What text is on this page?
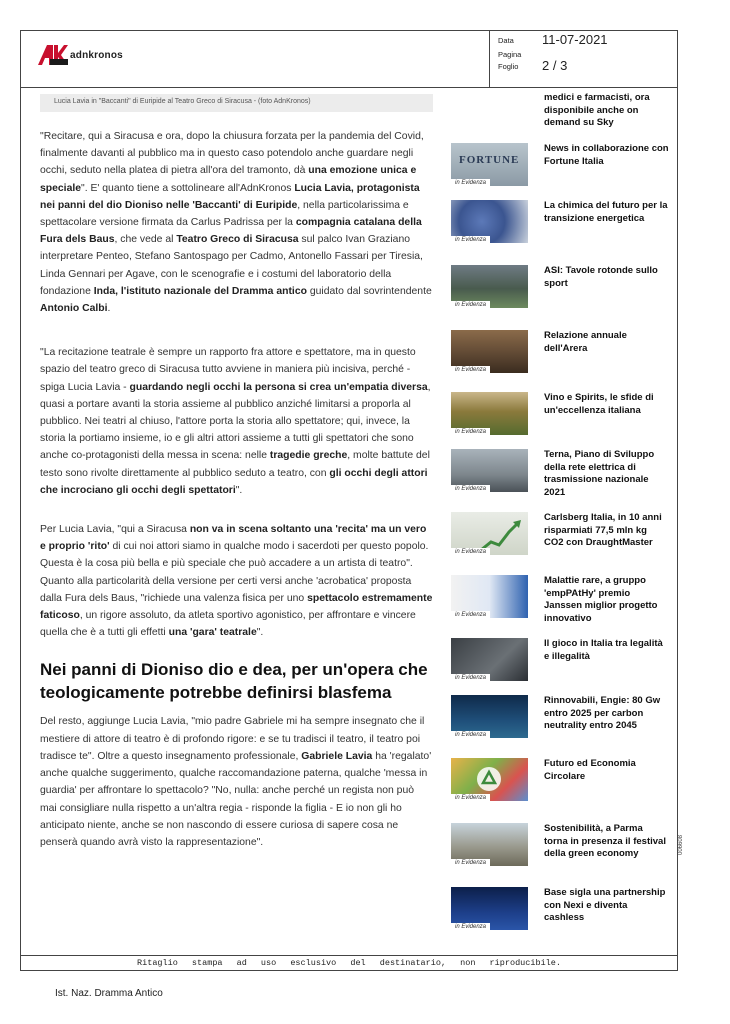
adnkronos
Data 11-07-2021
Pagina
Foglio 2 / 3
Lucia Lavia in "Baccanti" di Euripide al Teatro Greco di Siracusa - (foto AdnKronos)

"Recitare, qui a Siracusa e ora, dopo la chiusura forzata per la pandemia del Covid, finalmente davanti al pubblico ma in questo caso potendolo anche guardare negli occhi, seduto nella platea di pietra all'ora del tramonto, dà una emozione unica e speciale". E' quanto tiene a sottolineare all'AdnKronos Lucia Lavia, protagonista nei panni del dio Dioniso nelle 'Baccanti' di Euripide, nella particolarissima e spettacolare versione firmata da Carlus Padrissa per la compagnia catalana della Fura dels Baus, che vede al Teatro Greco di Siracusa sul palco Ivan Graziano interpretare Penteo, Stefano Santospago per Cadmo, Antonello Fassari per Tiresia, Linda Gennari per Agave, con le scenografie e i costumi del laboratorio della fondazione Inda, l'istituto nazionale del Dramma antico guidato dal sovrintendente Antonio Calbi.

"La recitazione teatrale è sempre un rapporto fra attore e spettatore, ma in questo spazio del teatro greco di Siracusa tutto avviene in maniera più incisiva, perché - spiga Lucia Lavia - guardando negli occhi la persona si crea un'empatia diversa, quasi a portare avanti la storia assieme al pubblico anziché limitarsi a proporla al pubblico. Nei teatri al chiuso, l'attore porta la storia allo spettatore; qui, invece, la storia la portiamo insieme, io e gli altri attori assieme a tutti gli spettatori che sono anche co-protagonisti della messa in scena: nelle tragedie greche, molte battute del testo sono rivolte direttamente al pubblico seduto a teatro, con gli occhi degli attori che incrociano gli occhi degli spettatori".

Per Lucia Lavia, "qui a Siracusa non va in scena soltanto una 'recita' ma un vero e proprio 'rito' di cui noi attori siamo in qualche modo i sacerdoti per questo popolo. Questa è la cosa più bella e più speciale che può accadere a un artista di teatro". Quanto alla particolarità della versione per certi versi anche 'acrobatica' proposta dalla Fura dels Baus, "richiede una valenza fisica per uno spettacolo estremamente faticoso, un rigore assoluto, da atleta sportivo agonistico, per affrontare e vincere quella che è a tutti gli effetti una 'gara' teatrale".

Nei panni di Dioniso dio e dea, per un'opera che teologicamente potrebbe definirsi blasfema

Del resto, aggiunge Lucia Lavia, "mio padre Gabriele mi ha sempre insegnato che il mestiere di attore di teatro è di profondo rigore: e se tu tradisci il teatro, il teatro poi tradisce te". Oltre a questo insegnamento professionale, Gabriele Lavia ha 'regalato' anche qualche suggerimento, qualche raccomandazione paterna, qualche 'messa in guardia' per affrontare lo spettacolo? "No, nulla: anche perché un regista non può mai consigliare nulla rispetto a un'altra regia - risponde la figlia - E io non gli ho anticipato niente, anche se non nascondo di essere curiosa di sapere cosa ne penserà quando avrà visto la rappresentazione".

medici e farmacisti, ora disponibile anche on demand su Sky
FORTUNE
in Evidenza
News in collaborazione con Fortune Italia
in Evidenza
La chimica del futuro per la transizione energetica
in Evidenza
ASI: Tavole rotonde sullo sport
in Evidenza
Relazione annuale dell'Arera
in Evidenza
Vino e Spirits, le sfide di un'eccellenza italiana
in Evidenza
Terna, Piano di Sviluppo della rete elettrica di trasmissione nazionale 2021
in Evidenza
Carlsberg Italia, in 10 anni risparmiati 77,5 mln kg CO2 con DraughtMaster
in Evidenza
Malattie rare, a gruppo 'empPAtHy' premio Janssen miglior progetto innovativo
in Evidenza
Il gioco in Italia tra legalità e illegalità
in Evidenza
Rinnovabili, Engie: 80 Gw entro 2025 per carbon neutrality entro 2045
in Evidenza
Futuro ed Economia Circolare
in Evidenza
Sostenibilità, a Parma torna in presenza il festival della green economy
in Evidenza
Base sigla una partnership con Nexi e diventa cashless
006608
Ritaglio stampa ad uso esclusivo del destinatario, non riproducibile.
Ist. Naz. Dramma Antico
